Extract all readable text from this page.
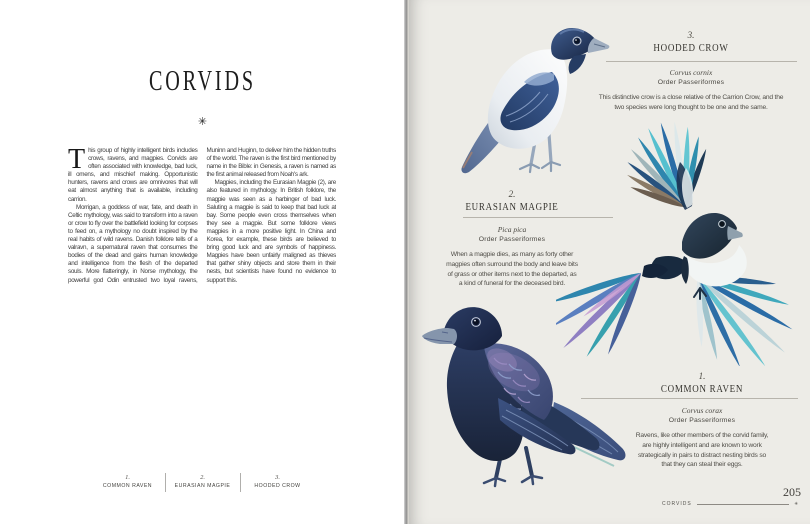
CORVIDS
✳

This group of highly intelligent birds includes crows, ravens, and magpies. Corvids are often associated with knowledge, bad luck, ill omens, and mischief making. Opportunistic hunters, ravens and crows are omnivores that will eat almost anything that is available, including carrion.

Morrigan, a goddess of war, fate, and death in Celtic mythology, was said to transform into a raven or crow to fly over the battlefield looking for corpses to feed on, a mythology no doubt inspired by the real habits of wild ravens. Danish folklore tells of a valravn, a supernatural raven that consumes the bodies of the dead and gains human knowledge and intelligence from the flesh of the departed souls. More flatteringly, in Norse mythology, the powerful god Odin entrusted two loyal ravens, Muninn and Huginn, to deliver him the hidden truths of the world. The raven is the first bird mentioned by name in the Bible: in Genesis, a raven is named as the first animal released from Noah's ark.

Magpies, including the Eurasian Magpie (2), are also featured in mythology. In British folklore, the magpie was seen as a harbinger of bad luck. Saluting a magpie is said to keep that bad luck at bay. Some people even cross themselves when they see a magpie. But some folklore views magpies in a more positive light. In China and Korea, for example, these birds are believed to bring good luck and are symbols of happiness. Magpies have been unfairly maligned as thieves that gather shiny objects and store them in their nests, but scientists have found no evidence to support this.

1.
COMMON RAVEN
2.
EURASIAN MAGPIE
3.
HOODED CROW
3.
HOODED CROW
Corvus cornix
Order Passeriformes
This distinctive crow is a close relative of the Carrion Crow, and the two species were long thought to be one and the same.
2.
EURASIAN MAGPIE
Pica pica
Order Passeriformes
When a magpie dies, as many as forty other magpies often surround the body and leave bits of grass or other items next to the departed, as a kind of funeral for the deceased bird.
1.
COMMON RAVEN
Corvus corax
Order Passeriformes
Ravens, like other members of the corvid family, are highly intelligent and are known to work strategically in pairs to distract nesting birds so that they can steal their eggs.
205
CORVIDS	✳
